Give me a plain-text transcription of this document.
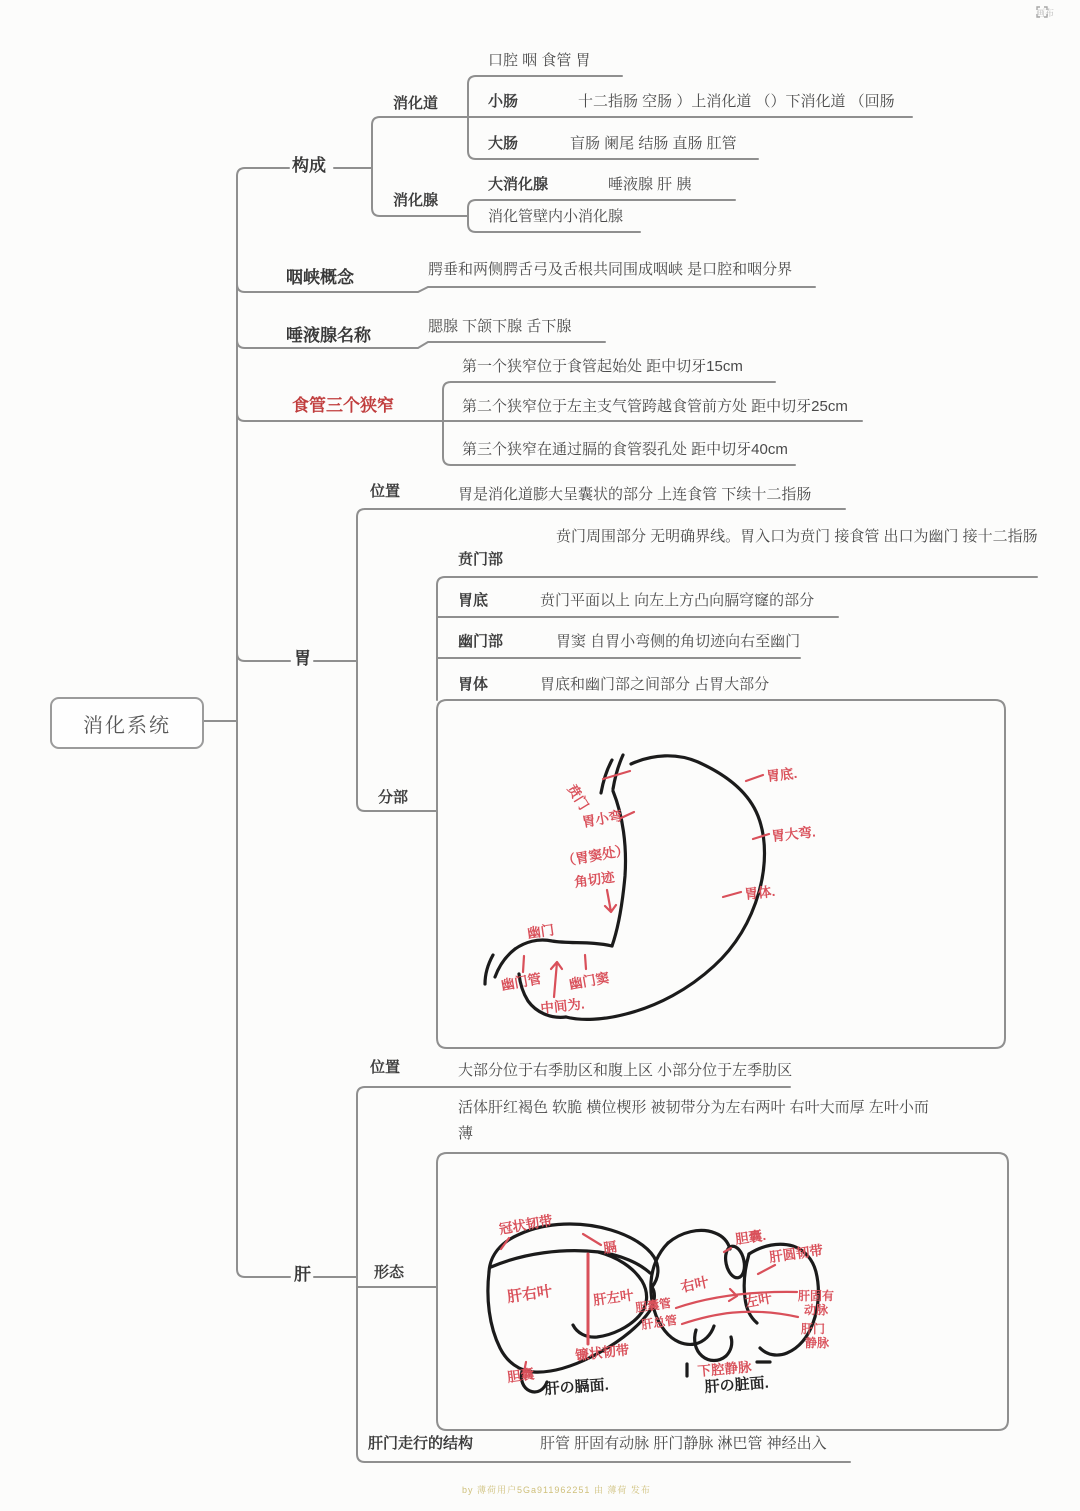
消化系统
构成
消化道
口腔 咽 食管 胃
小肠	十二指肠 空肠 ）上消化道 （）下消化道 （回肠
大肠	盲肠 阑尾 结肠 直肠 肛管
消化腺
大消化腺	唾液腺 肝 胰
消化管壁内小消化腺
咽峡概念	腭垂和两侧腭舌弓及舌根共同围成咽峡 是口腔和咽分界
唾液腺名称	腮腺 下颌下腺 舌下腺
食管三个狭窄
第一个狭窄位于食管起始处 距中切牙15cm
第二个狭窄位于左主支气管跨越食管前方处 距中切牙25cm
第三个狭窄在通过膈的食管裂孔处 距中切牙40cm
胃
位置	胃是消化道膨大呈囊状的部分 上连食管 下续十二指肠
分部
贲门部
贲门周围部分 无明确界线。胃入口为贲门 接食管 出口为幽门 接十二指肠
胃底	贲门平面以上 向左上方凸向膈穹窿的部分
幽门部	胃窦 自胃小弯侧的角切迹向右至幽门
胃体	胃底和幽门部之间部分 占胃大部分
贲门
胃小弯
（胃窦处）
角切迹
幽门
幽门管
中间为.
幽门窦
胃底.
胃大弯.
胃体.
肝
位置	大部分位于右季肋区和腹上区 小部分位于左季肋区
形态
活体肝红褐色 软脆 横位楔形 被韧带分为左右两叶 右叶大而厚 左叶小而薄
肝门走行的结构	肝管 肝固有动脉 肝门静脉 淋巴管 神经出入
冠状韧带
膈
肝右叶	肝左叶
镰状韧带
胆囊
肝の膈面.
胆囊.
肝圆韧带
右叶
左叶 肝固有
动脉
肝门
静脉
胆囊管
肝总管
下腔静脉
肝の脏面.
画布
by 薄荷用户5Ga911962251 由 薄荷 发布
